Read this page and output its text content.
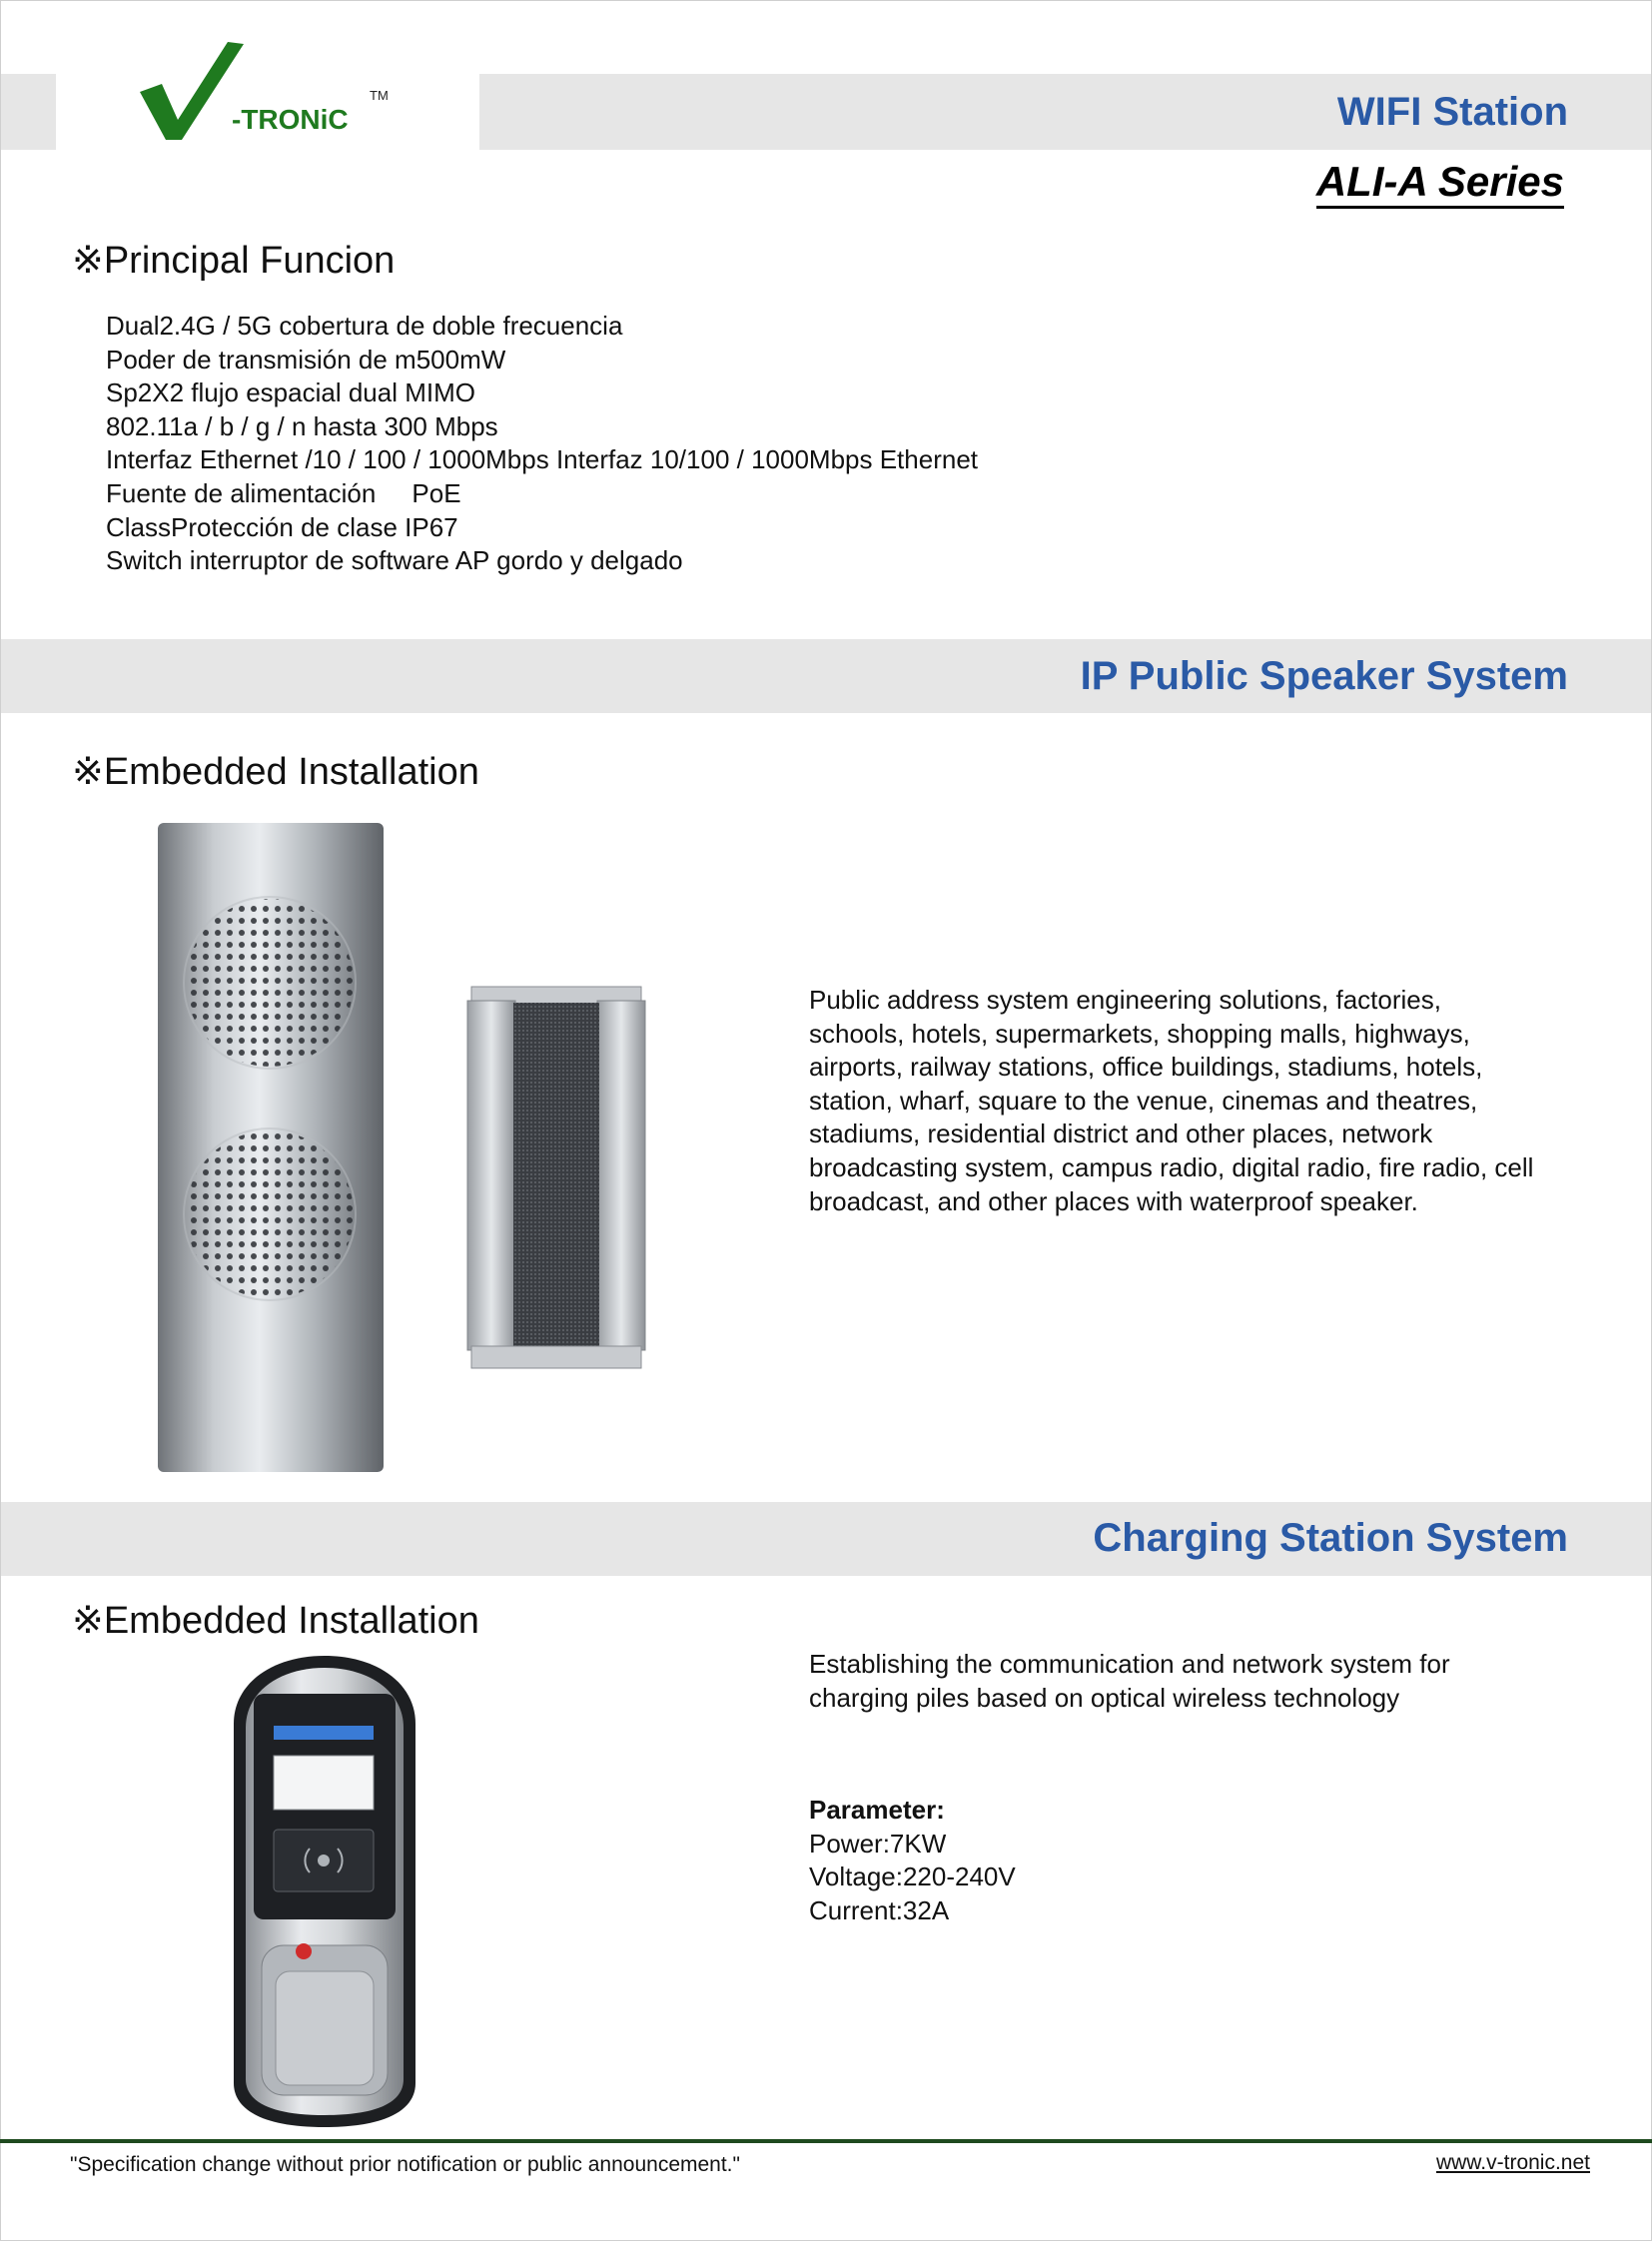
-TRONiC
TM	WIFI Station
ALI-A Series
※Principal Funcion
Dual2.4G / 5G cobertura de doble frecuencia
Poder de transmisión de m500mW
Sp2X2 flujo espacial dual MIMO
802.11a / b / g / n hasta 300 Mbps
Interfaz Ethernet /10 / 100 / 1000Mbps Interfaz 10/100 / 1000Mbps Ethernet
Fuente de alimentación     PoE
ClassProtección de clase IP67
Switch interruptor de software AP gordo y delgado
IP Public Speaker System
※Embedded Installation
Public address system engineering solutions, factories, schools, hotels, supermarkets, shopping malls, highways, airports, railway stations, office buildings, stadiums, hotels, station, wharf, square to the venue, cinemas and theatres, stadiums, residential district and other places, network broadcasting system, campus radio, digital radio, fire radio, cell broadcast, and other places with waterproof speaker.
Charging Station System
※Embedded Installation
Establishing the communication and network system for charging piles based on optical wireless technology
Parameter:
Power:7KW
Voltage:220-240V
Current:32A
"Specification change without prior notification or public announcement."	www.v-tronic.net
